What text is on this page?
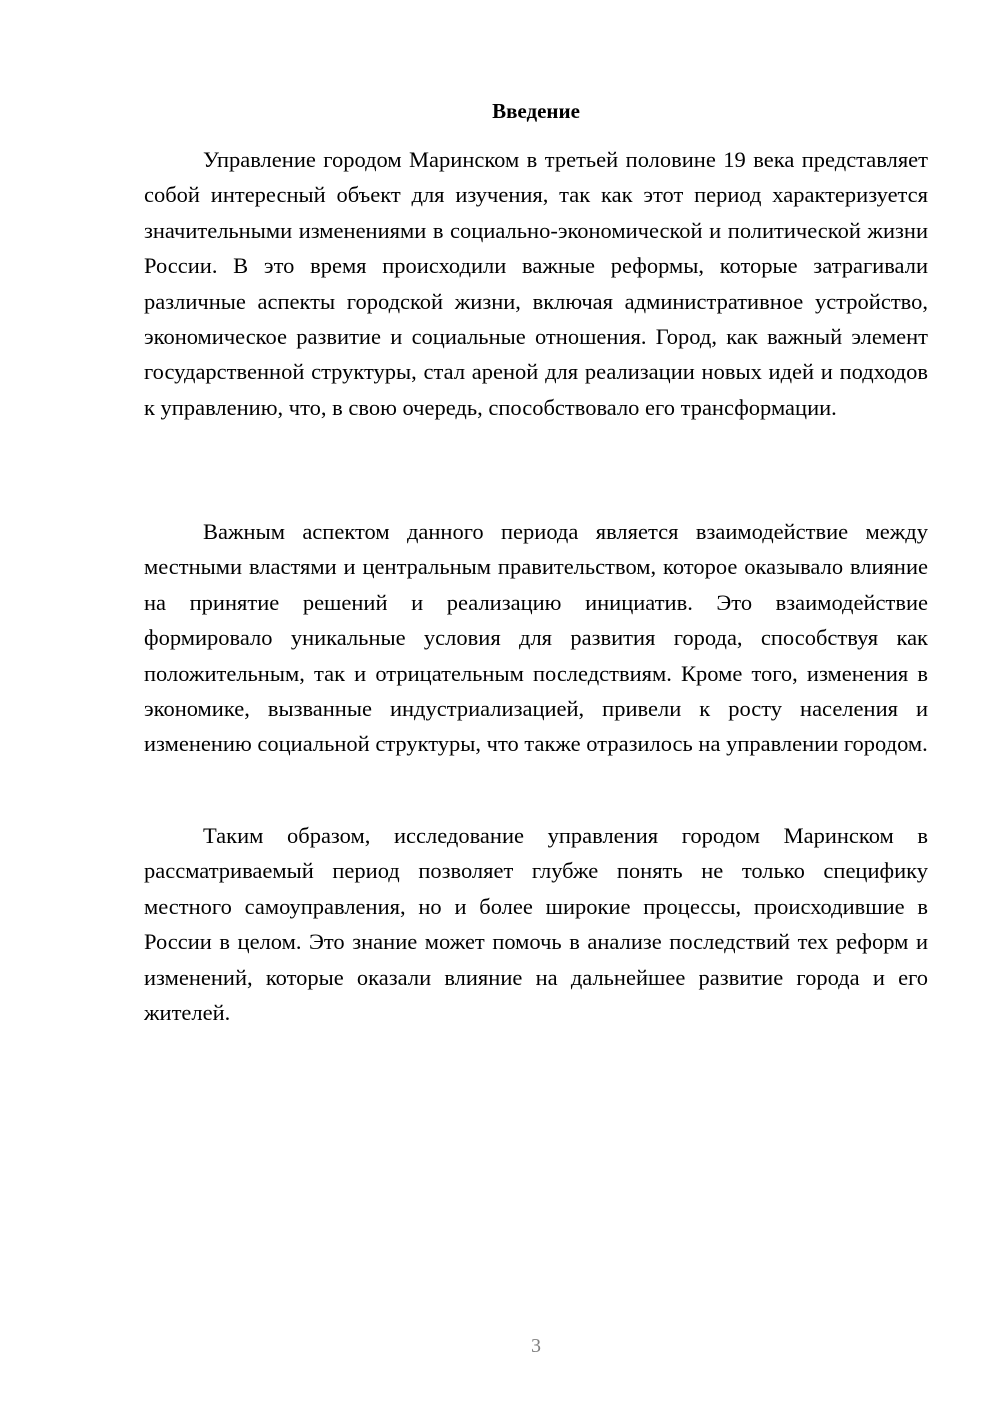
Введение

Управление городом Маринском в третьей половине 19 века представляет собой интересный объект для изучения, так как этот период характеризуется значительными изменениями в социально-экономической и политической жизни России. В это время происходили важные реформы, которые затрагивали различные аспекты городской жизни, включая административное устройство, экономическое развитие и социальные отношения. Город, как важный элемент государственной структуры, стал ареной для реализации новых идей и подходов к управлению, что, в свою очередь, способствовало его трансформации.

Важным аспектом данного периода является взаимодействие между местными властями и центральным правительством, которое оказывало влияние на принятие решений и реализацию инициатив. Это взаимодействие формировало уникальные условия для развития города, способствуя как положительным, так и отрицательным последствиям. Кроме того, изменения в экономике, вызванные индустриализацией, привели к росту населения и изменению социальной структуры, что также отразилось на управлении городом.

Таким образом, исследование управления городом Маринском в рассматриваемый период позволяет глубже понять не только специфику местного самоуправления, но и более широкие процессы, происходившие в России в целом. Это знание может помочь в анализе последствий тех реформ и изменений, которые оказали влияние на дальнейшее развитие города и его жителей.

3
